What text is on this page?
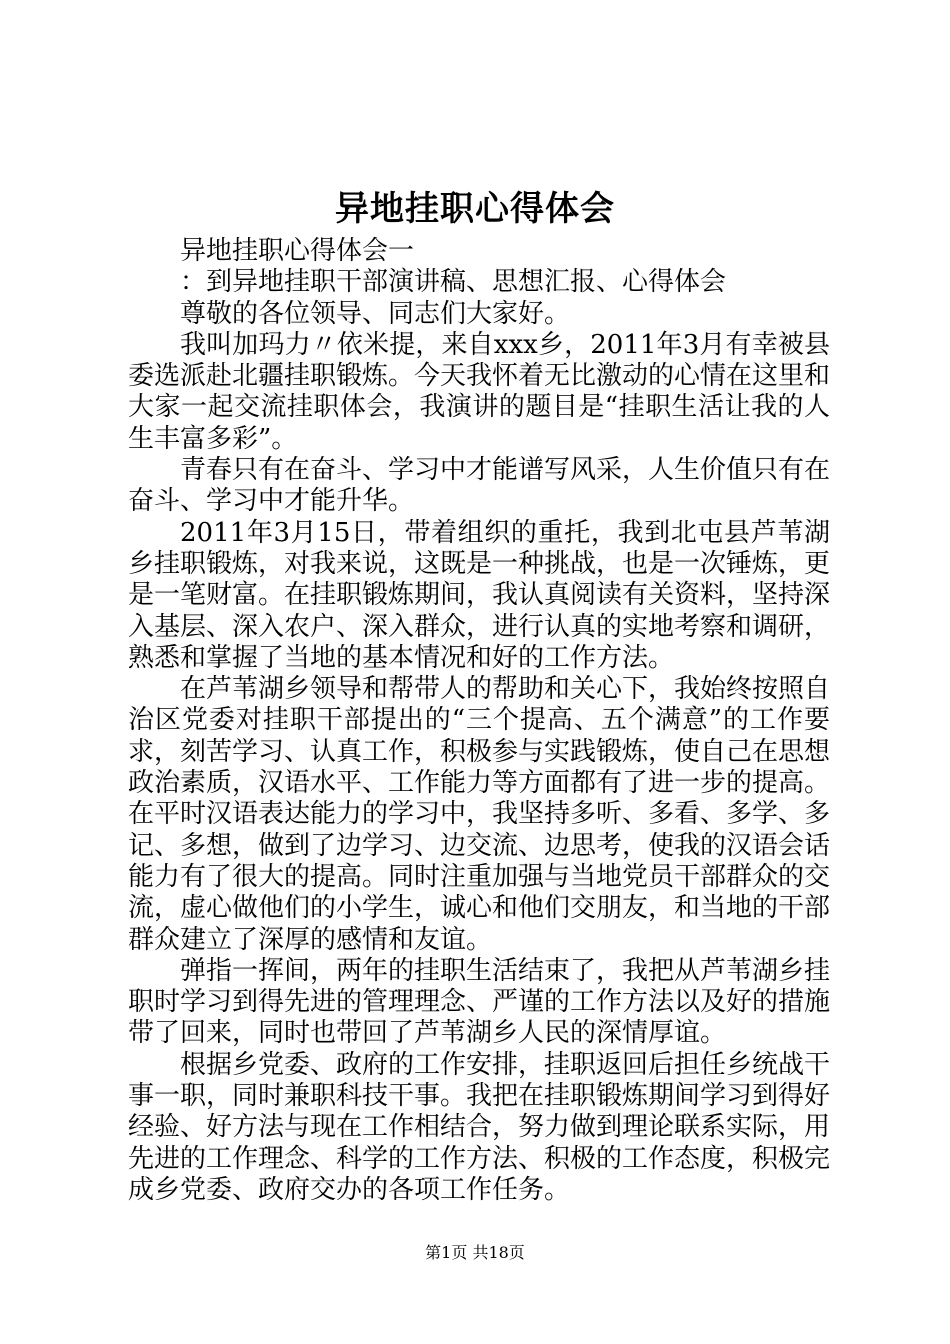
异地挂职心得体会

异地挂职心得体会一

：到异地挂职干部演讲稿、思想汇报、心得体会

尊敬的各位领导、同志们大家好。

我叫加玛力〃依米提，来自xxx乡，2011年3月有幸被县委选派赴北疆挂职锻炼。今天我怀着无比激动的心情在这里和大家一起交流挂职体会，我演讲的题目是“挂职生活让我的人生丰富多彩”。

青春只有在奋斗、学习中才能谱写风采，人生价值只有在奋斗、学习中才能升华。

2011年3月15日，带着组织的重托，我到北屯县芦苇湖乡挂职锻炼，对我来说，这既是一种挑战，也是一次锤炼，更是一笔财富。在挂职锻炼期间，我认真阅读有关资料，坚持深入基层、深入农户、深入群众，进行认真的实地考察和调研，熟悉和掌握了当地的基本情况和好的工作方法。

在芦苇湖乡领导和帮带人的帮助和关心下，我始终按照自治区党委对挂职干部提出的“三个提高、五个满意”的工作要求，刻苦学习、认真工作，积极参与实践锻炼，使自己在思想政治素质，汉语水平、工作能力等方面都有了进一步的提高。在平时汉语表达能力的学习中，我坚持多听、多看、多学、多记、多想，做到了边学习、边交流、边思考，使我的汉语会话能力有了很大的提高。同时注重加强与当地党员干部群众的交流，虚心做他们的小学生，诚心和他们交朋友，和当地的干部群众建立了深厚的感情和友谊。

弹指一挥间，两年的挂职生活结束了，我把从芦苇湖乡挂职时学习到得先进的管理理念、严谨的工作方法以及好的措施带了回来，同时也带回了芦苇湖乡人民的深情厚谊。

根据乡党委、政府的工作安排，挂职返回后担任乡统战干事一职，同时兼职科技干事。我把在挂职锻炼期间学习到得好经验、好方法与现在工作相结合，努力做到理论联系实际，用先进的工作理念、科学的工作方法、积极的工作态度，积极完成乡党委、政府交办的各项工作任务。

第1页 共18页
